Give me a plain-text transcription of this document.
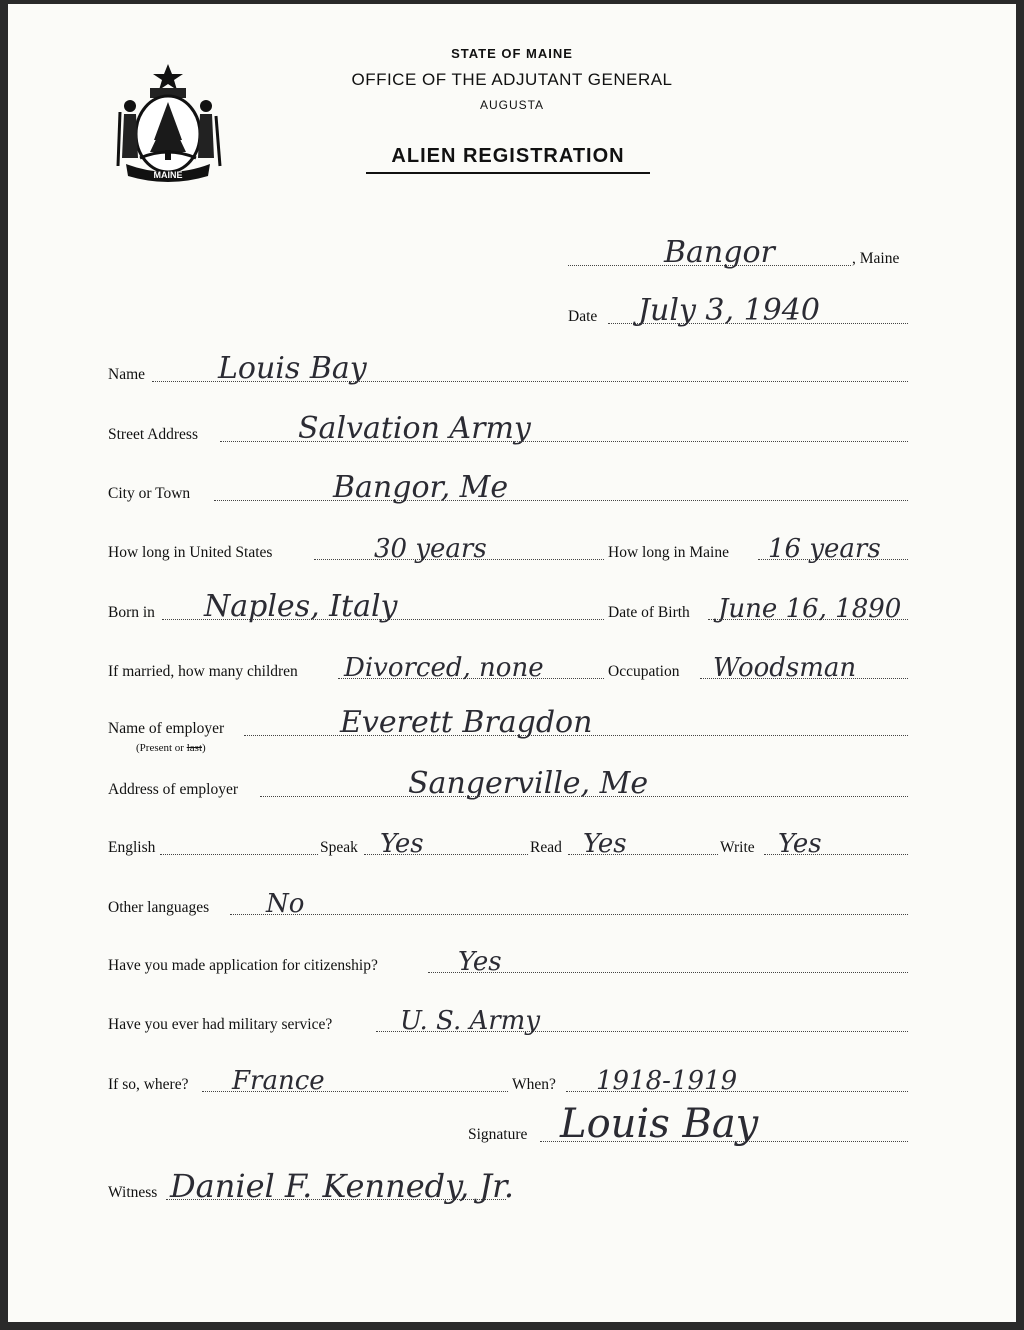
MAINE
STATE OF MAINE
OFFICE OF THE ADJUTANT GENERAL
AUGUSTA
ALIEN REGISTRATION
Bangor	, Maine
Date July 3, 1940
Name Louis Bay
Street Address	Salvation Army
City or Town	Bangor, Me
How long in United States	30 years	How long in Maine 16 years
Born in Naples, Italy	Date of Birth June 16, 1890
If married, how many children Divorced, none	Occupation Woodsman
Name of employer	Everett Bragdon
(Present or last)
Address of employer	Sangerville, Me
English	Speak Yes	Read Yes	Write Yes
Other languages No
Have you made application for citizenship?	Yes
Have you ever had military service?	U. S. Army
If so, where? France	When? 1918-1919
Signature Louis Bay
Witness Daniel F. Kennedy, Jr.
